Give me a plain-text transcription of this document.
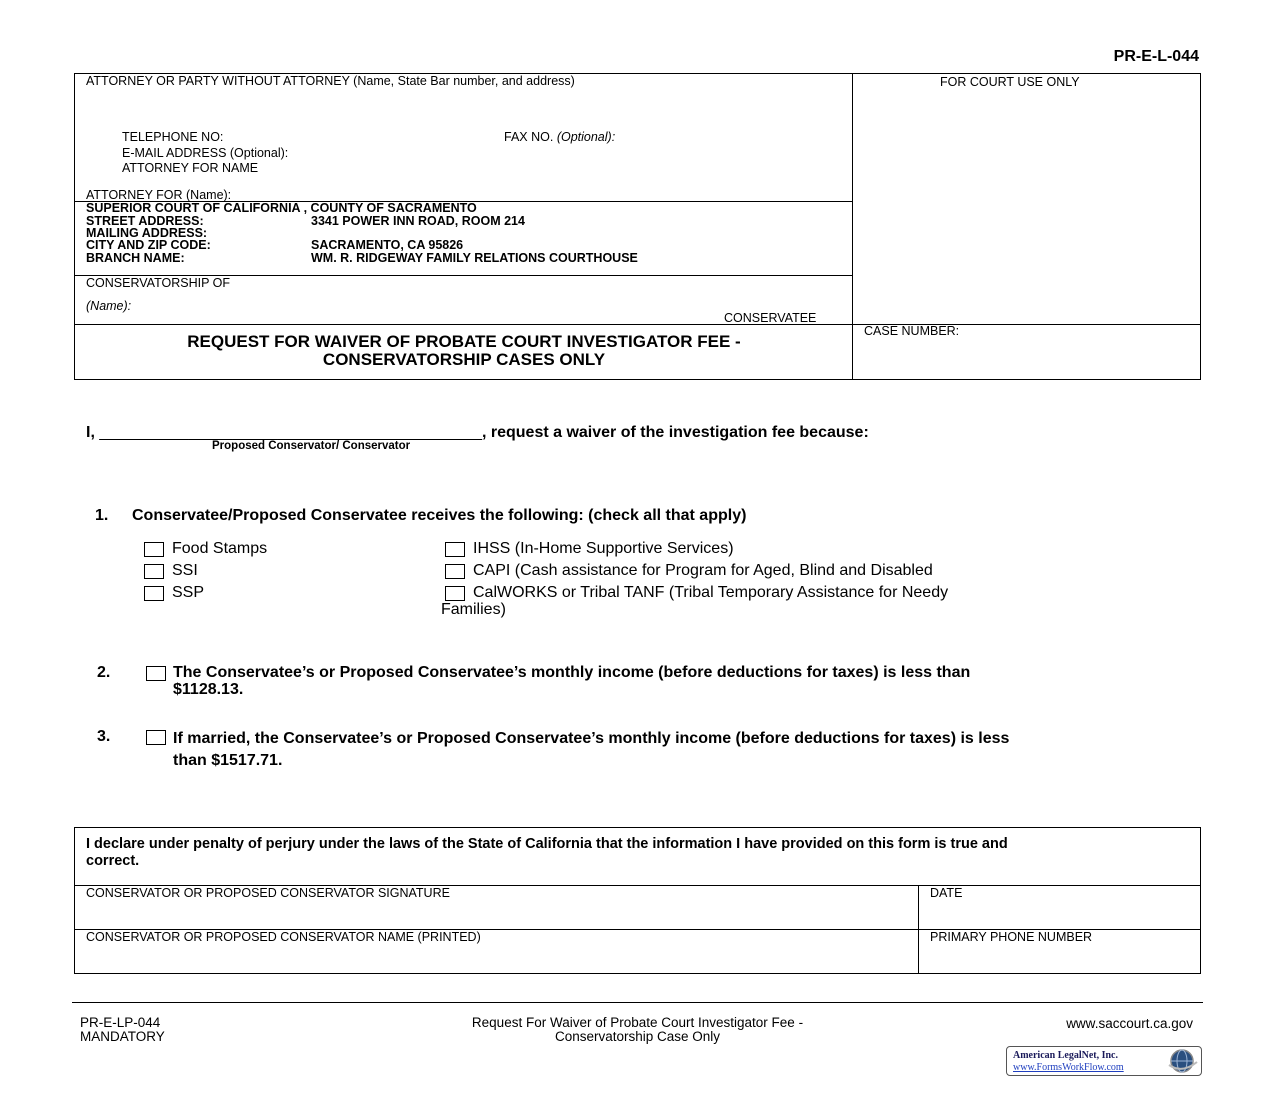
PR-E-L-044
ATTORNEY OR PARTY WITHOUT ATTORNEY (Name, State Bar number, and address)	FOR COURT USE ONLY
TELEPHONE NO:	FAX NO. (Optional):
E-MAIL ADDRESS (Optional):
ATTORNEY FOR NAME
ATTORNEY FOR (Name):
SUPERIOR COURT OF CALIFORNIA , COUNTY OF SACRAMENTO
STREET ADDRESS:	3341 POWER INN ROAD, ROOM 214
MAILING ADDRESS:
CITY AND ZIP CODE:	SACRAMENTO, CA 95826
BRANCH NAME:	WM. R. RIDGEWAY FAMILY RELATIONS COURTHOUSE
CONSERVATORSHIP OF
(Name):
CONSERVATEE
REQUEST FOR WAIVER OF PROBATE COURT INVESTIGATOR FEE -
CONSERVATORSHIP CASES ONLY
CASE NUMBER:
I, ___________________________________________, request a waiver of the investigation fee because:
Proposed Conservator/ Conservator
1. Conservatee/Proposed Conservatee receives the following: (check all that apply)
Food Stamps
SSI
SSP
IHSS (In-Home Supportive Services)
CAPI (Cash assistance for Program for Aged, Blind and Disabled
CalWORKS or Tribal TANF (Tribal Temporary Assistance for Needy
Families)
2.	The Conservatee’s or Proposed Conservatee’s monthly income (before deductions for taxes) is less than
$1128.13.
3.	If married, the Conservatee’s or Proposed Conservatee’s monthly income (before deductions for taxes) is less
than $1517.71.
I declare under penalty of perjury under the laws of the State of California that the information I have provided on this form is true and
correct.
CONSERVATOR OR PROPOSED CONSERVATOR SIGNATURE	DATE
CONSERVATOR OR PROPOSED CONSERVATOR NAME (PRINTED)	PRIMARY PHONE NUMBER
PR-E-LP-044
MANDATORY
Request For Waiver of Probate Court Investigator Fee -
Conservatorship Case Only
www.saccourt.ca.gov
American LegalNet, Inc.
www.FormsWorkFlow.com
